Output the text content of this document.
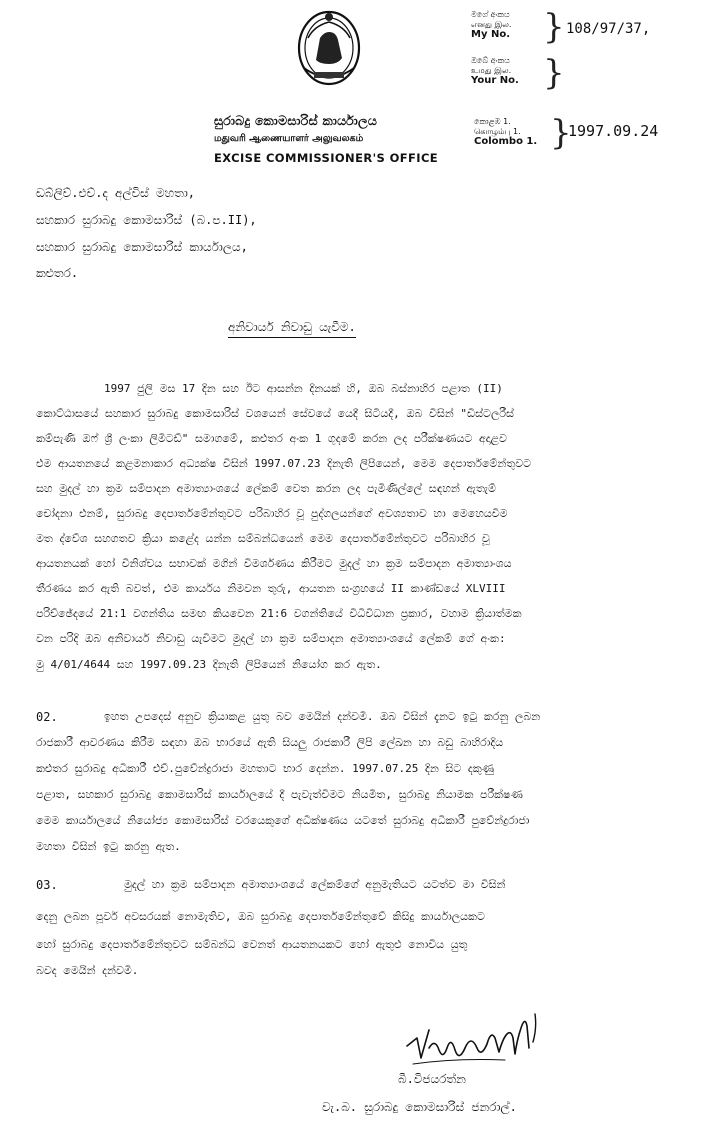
සුරාබදු කොමසාරිස් කාර්යාලය
மதுவரி ஆணையாளர் அலுவலகம்
EXCISE COMMISSIONER'S OFFICE
මගේ අංකය
எனது இல.
My No. } 108/97/37,
ඔබේ අංකය
உமது இல.
Your No. }
කොළඹ 1.
கொழும்பு 1.
Colombo 1. }
1997.09.24
ඩබ්ලිව්.එච්.ද අල්විස් මහතා,
සහකාර සුරාබදු කොමසාරිස් (බ.ප.II),
සහකාර සුරාබදු කොමසාරිස් කාර්යාලය,
කළුතර.
අනිවාර්ය නිවාඩු යැවීම.
1997 ජුලි මස 17 දින සහ ඊට ආසන්න දිනයක් හි, ඔබ බස්නාහිර පළාත (II)
කොට්ඨාසයේ සහකාර සුරාබදු කොමසාරිස් වශයෙන් සේවයේ යෙදී සිටියදී, ඔබ විසින් "ඩිස්ටලරීස්
කම්පැණි ඔෆ් ශ්‍රී ලංකා ලිමිටඩ්" සමාගමේ, කළුතර අංක 1 ගුදමේ කරන ලද පරීක්ෂණයට අදාළව
එම ආයතනයේ කළමනාකාර අධ්‍යක්ෂ විසින් 1997.07.23 දිනැති ලිපියෙන්, මෙම දෙපාර්තමේන්තුවට
සහ මුදල් හා ක්‍රම සම්පාදන අමාත්‍යාංශයේ ලේකම් වෙත කරන ලද පැමිණිල්ලේ සඳහන් ඇතැම්
චෝදනා එනම්, සුරාබදු දෙපාර්තමේන්තුවට පරිබාහිර වූ පුද්ගලයන්ගේ අවශ්‍යතාව හා මෙහෙයවීම
මත ද්වේශ සහගතව ක්‍රියා කළේද යන්න සම්බන්ධයෙන් මෙම දෙපාර්තමේන්තුවට පරිබාහිර වූ
ආයතනයක් හෝ විනිශ්චය සභාවක් මගින් විමර්ශණය කිරීමට මුදල් හා ක්‍රම සම්පාදන අමාත්‍යාංශය
තීරණය කර ඇති බවත්, එම කාර්යය නිමවන තුරු, ආයතන සංග්‍රහයේ II කාණ්ඩයේ XLVIII
පරිච්ඡේදයේ 21:1 වගන්තිය සමඟ කියවෙන 21:6 වගන්තියේ විධිවිධාන ප්‍රකාර, වහාම ක්‍රියාත්මක
වන පරිදි ඔබ අනිවාර්ය නිවාඩු යැවීමට මුදල් හා ක්‍රම සම්පාදන අමාත්‍යාංශයේ ලේකම් ගේ අංක:
මු 4/01/4644 සහ 1997.09.23 දිනැති ලිපියෙන් නියෝග කර ඇත.
02.	ඉහත උපදෙස් අනුව ක්‍රියාකළ යුතු බව මෙයින් දන්වමි. ඔබ විසින් දැනට ඉටු කරනු ලබන
රාජකාරී ආවරණය කිරීම සඳහා ඔබ භාරයේ ඇති සියලු රාජකාරී ලිපි ලේඛන හා බඩු බාහිරාදිය
කළුතර සුරාබදු අධිකාරී එච්.පුවේන්ද්‍රරාජා මහතාට භාර දෙන්න. 1997.07.25 දින සිට දකුණු
පළාත, සහකාර සුරාබදු කොමසාරිස් කාර්යාලයේ දී පැවැත්වීමට නියමිත, සුරාබදු නියාමක පරීක්ෂණ
මෙම කාර්යාලයේ නියෝජ්‍ය කොමසාරිස් වරයෙකුගේ අධීක්ෂණය යටතේ සුරාබදු අධිකාරී පුවේන්ද්‍රරාජා
මහතා විසින් ඉටු කරනු ඇත.
03.	මුදල් හා ක්‍රම සම්පාදන අමාත්‍යාංශයේ ලේකම්ගේ අනුමැතියට යටත්ව මා විසින්
දෙනු ලබන පූර්ව අවසරයක් නොමැතිව, ඔබ සුරාබදු දෙපාර්තමේන්තුවේ කිසිදු කාර්යාලයකට
හෝ සුරාබදු දෙපාර්තමේන්තුවට සම්බන්ධ වෙනත් ආයතනයකට හෝ ඇතුළු නොවිය යුතු
බවද මෙයින් දන්වමි.
බී.විජයරත්න
වැ.බ. සුරාබදු කොමසාරිස් ජනරාල්.
